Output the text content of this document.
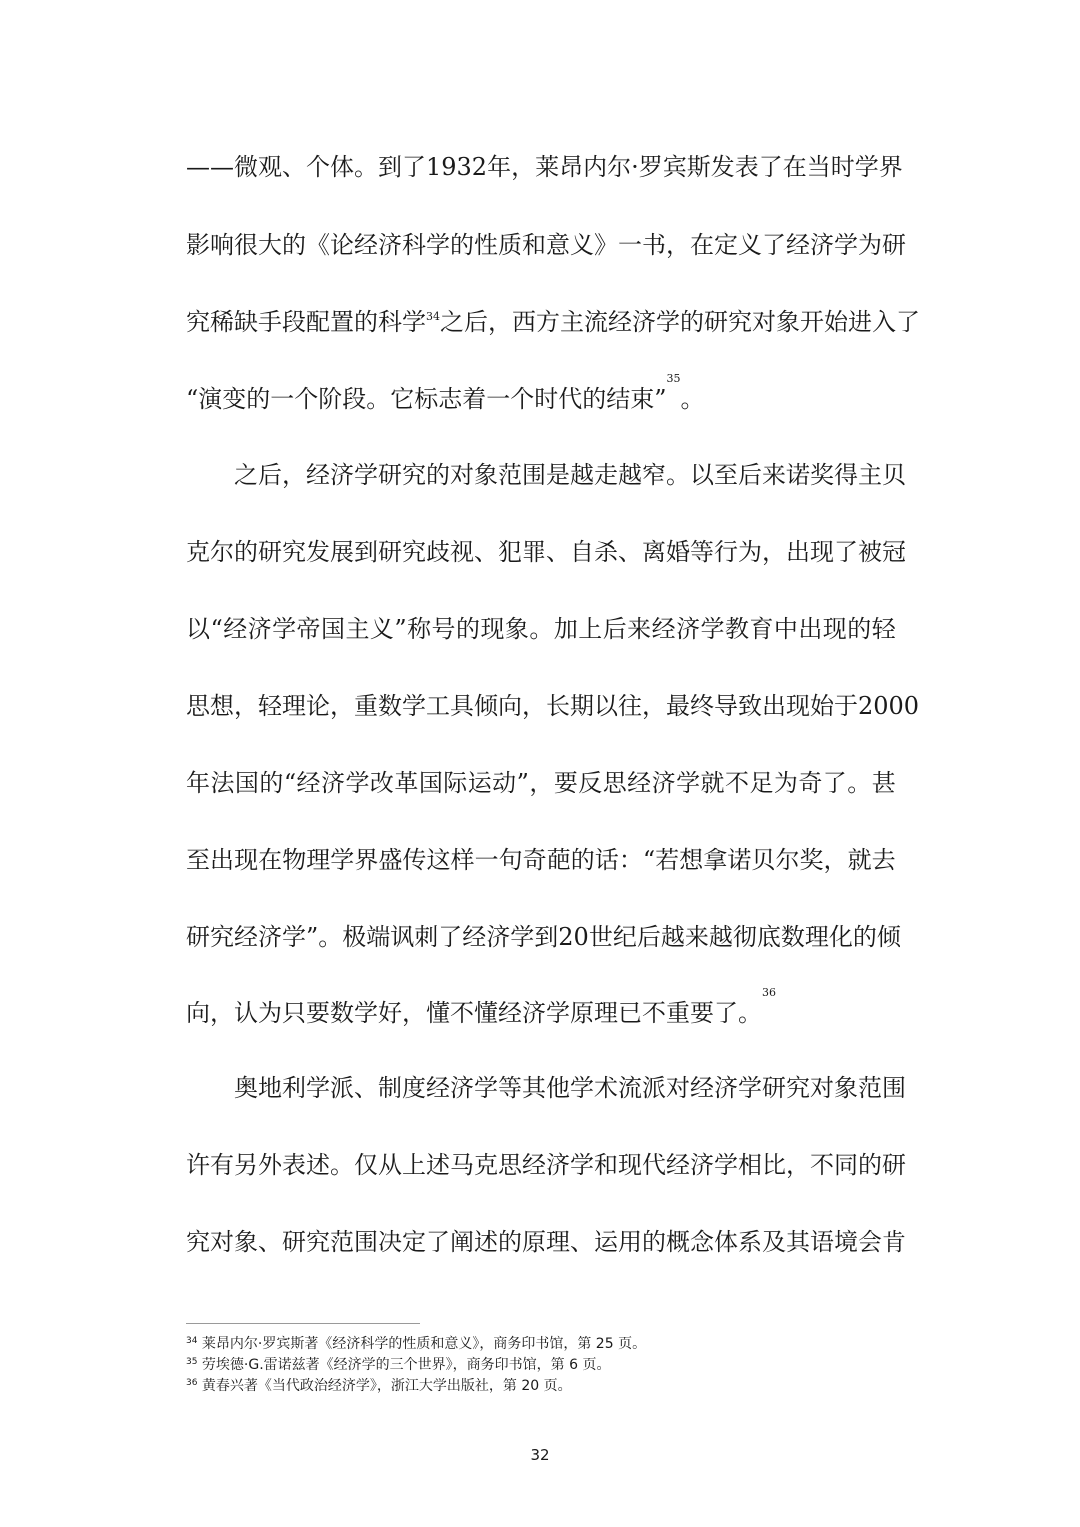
— — 微 观 、 个 体 。 到 了 1932 年 ， 莱 昂 内 尔 · 罗 宾 斯 发 表 了 在 当 时 学 界
影 响 很 大 的 《 论 经 济 科 学 的 性 质 和 意 义 》 一 书 ， 在 定 义 了 经 济 学 为 研
究稀缺手段配置的科学$^{34}$之后，西方主流经济学的研究对象开始进入了
“演变的一个阶段。它标志着一个时代的结束”
35
。
之 后 ， 经 济 学 研 究 的 对 象 范 围 是 越 走 越 窄 。 以 至 后 来 诺 奖 得 主 贝
克 尔 的 研 究 发 展 到 研 究 歧 视 、 犯 罪 、 自 杀 、 离 婚 等 行 为 ， 出 现 了 被 冠
以 “ 经 济 学 帝 国 主 义 ” 称 号 的 现 象 。 加 上 后 来 经 济 学 教 育 中 出 现 的 轻
思 想 ， 轻 理 论 ， 重 数 学 工 具 倾 向 ， 长 期 以 往 ， 最 终 导 致 出 现 始 于 2000
年 法 国 的 “ 经 济 学 改 革 国 际 运 动 ” ， 要 反 思 经 济 学 就 不 足 为 奇 了 。 甚
至 出 现 在 物 理 学 界 盛 传 这 样 一 句 奇 葩 的 话 ： “ 若 想 拿 诺 贝 尔 奖 ， 就 去
研 究 经 济 学 ” 。 极 端 讽 刺 了 经 济 学 到 20 世 纪 后 越 来 越 彻 底 数 理 化 的 倾
向，认为只要数学好，懂不懂经济学原理已不重要了。
36
奥 地 利 学 派 、 制 度 经 济 学 等 其 他 学 术 流 派 对 经 济 学 研 究 对 象 范 围
许 有 另 外 表 述 。 仅 从 上 述 马 克 思 经 济 学 和 现 代 经 济 学 相 比 ， 不 同 的 研
究 对 象 、 研 究 范 围 决 定 了 阐 述 的 原 理 、 运 用 的 概 念 体 系 及 其 语 境 会 肯
$^{34}$ 莱昂内尔·罗宾斯著《经济科学的性质和意义》，商务印书馆，第 25 页。
$^{35}$ 劳埃德·G.雷诺兹著《经济学的三个世界》，商务印书馆，第 6 页。
$^{36}$ 黄春兴著《当代政治经济学》，浙江大学出版社，第 20 页。
32
